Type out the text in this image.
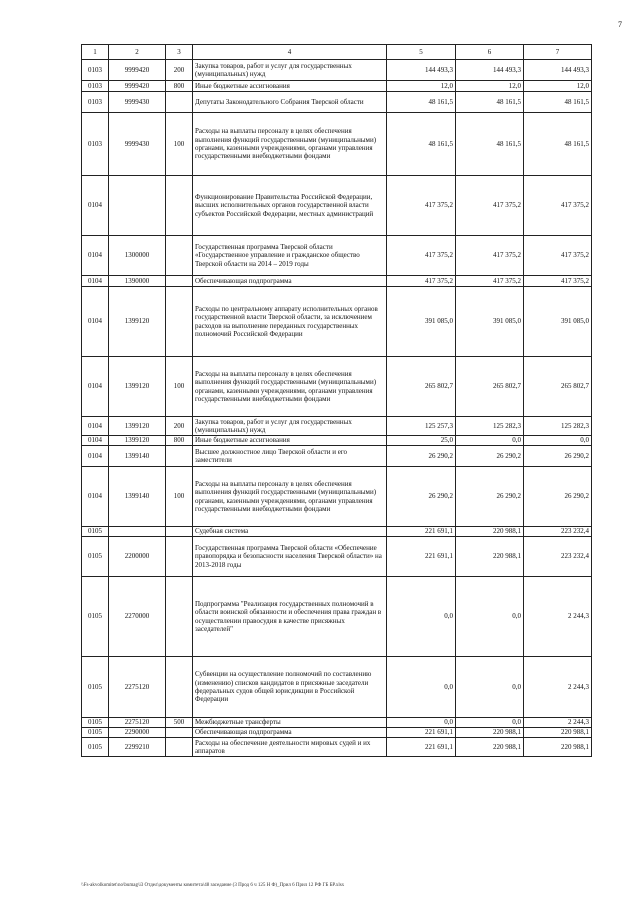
7
1	2	3	4	5	6	7
0103	9999420	200	Закупка товаров, работ и услуг для государственных (муниципальных) нужд	144 493,3	144 493,3	144 493,3
0103	9999420	800	Иные бюджетные ассигнования	12,0	12,0	12,0
0103	9999430		Депутаты Законодательного Собрания Тверской области	48 161,5	48 161,5	48 161,5
0103	9999430	100	Расходы на выплаты персоналу в целях обеспечения выполнения функций государственными (муниципальными) органами, казенными учреждениями, органами управления государственными внебюджетными фондами	48 161,5	48 161,5	48 161,5
0104			Функционирование Правительства Российской Федерации, высших исполнительных органов государственной власти субъектов Российской Федерации, местных администраций	417 375,2	417 375,2	417 375,2
0104	1300000		Государственная программа Тверской области «Государственное управление и гражданское общество Тверской области на 2014 – 2019 годы	417 375,2	417 375,2	417 375,2
0104	1390000		Обеспечивающая подпрограмма	417 375,2	417 375,2	417 375,2
0104	1399120		Расходы по центральному аппарату исполнительных органов государственной власти Тверской области, за исключением расходов на выполнение переданных государственных полномочий Российской Федерации	391 085,0	391 085,0	391 085,0
0104	1399120	100	Расходы на выплаты персоналу в целях обеспечения выполнения функций государственными (муниципальными) органами, казенными учреждениями, органами управления государственными внебюджетными фондами	265 802,7	265 802,7	265 802,7
0104	1399120	200	Закупка товаров, работ и услуг для государственных (муниципальных) нужд	125 257,3	125 282,3	125 282,3
0104	1399120	800	Иные бюджетные ассигнования	25,0	0,0	0,0
0104	1399140		Высшее должностное лицо Тверской области и его заместители	26 290,2	26 290,2	26 290,2
0104	1399140	100	Расходы на выплаты персоналу в целях обеспечения выполнения функций государственными (муниципальными) органами, казенными учреждениями, органами управления государственными внебюджетными фондами	26 290,2	26 290,2	26 290,2
0105			Судебная система	221 691,1	220 988,1	223 232,4
0105	2200000		Государственная программа Тверской области «Обеспечение правопорядка и безопасности населения Тверской области» на 2013-2018 годы	221 691,1	220 988,1	223 232,4
0105	2270000		Подпрограмма "Реализация государственных полномочий в области воинской обязанности и обеспечения права граждан в осуществлении правосудия в качестве присяжных заседателей"	0,0	0,0	2 244,3
0105	2275120		Субвенции на осуществление полномочий по составлению (изменению) списков кандидатов в присяжные заседатели федеральных судов общей юрисдикции в Российской Федерации	0,0	0,0	2 244,3
0105	2275120	500	Межбюджетные трансферты	0,0	0,0	2 244,3
0105	2290000		Обеспечивающая подпрограмма	221 691,1	220 988,1	220 988,1
0105	2299210		Расходы на обеспечение деятельности мировых судей и их аппаратов	221 691,1	220 988,1	220 988,1
\\Fs-akvolkomitet\no\bumag\i3 Отдел\документы комитета\48 заседание (3 Прод 6 ч 125 Н Ф)_Прил 6 Прил 12 РФ ГБ БР.xlsx
